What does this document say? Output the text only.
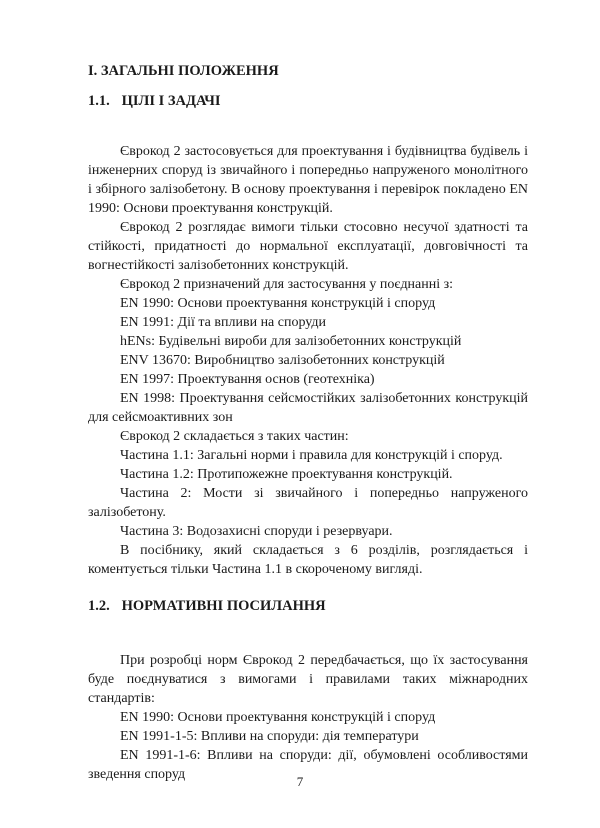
I. ЗАГАЛЬНІ ПОЛОЖЕННЯ
1.1. ЦІЛІ І ЗАДАЧІ

Єврокод 2 застосовується для проектування і будівництва будівель і інженерних споруд із звичайного і попередньо напруженого монолітного і збірного залізобетону. В основу проектування і перевірок покладено EN 1990: Основи проектування конструкцій.

Єврокод 2 розглядає вимоги тільки стосовно несучої здатності та стійкості, придатності до нормальної експлуатації, довговічності та вогнестійкості залізобетонних конструкцій.

Єврокод 2 призначений для застосування у поєднанні з:

EN 1990: Основи проектування конструкцій і споруд

EN 1991: Дії та впливи на споруди

hENs: Будівельні вироби для залізобетонних конструкцій

ENV 13670: Виробництво залізобетонних конструкцій

EN 1997: Проектування основ (геотехніка)

EN 1998: Проектування сейсмостійких залізобетонних конструкцій для сейсмоактивних зон

Єврокод 2 складається з таких частин:

Частина 1.1: Загальні норми і правила для конструкцій і споруд.

Частина 1.2: Протипожежне проектування конструкцій.

Частина 2: Мости зі звичайного і попередньо напруженого залізобетону.

Частина 3: Водозахисні споруди і резервуари.

В посібнику, який складається з 6 розділів, розглядається і коментується тільки Частина 1.1 в скороченому вигляді.

1.2. НОРМАТИВНІ ПОСИЛАННЯ

При розробці норм Єврокод 2 передбачається, що їх застосування буде поєднуватися з вимогами і правилами таких міжнародних стандартів:

EN 1990: Основи проектування конструкцій і споруд

EN 1991-1-5: Впливи на споруди: дія температури

EN 1991-1-6: Впливи на споруди: дії, обумовлені особливостями зведення споруд	7
